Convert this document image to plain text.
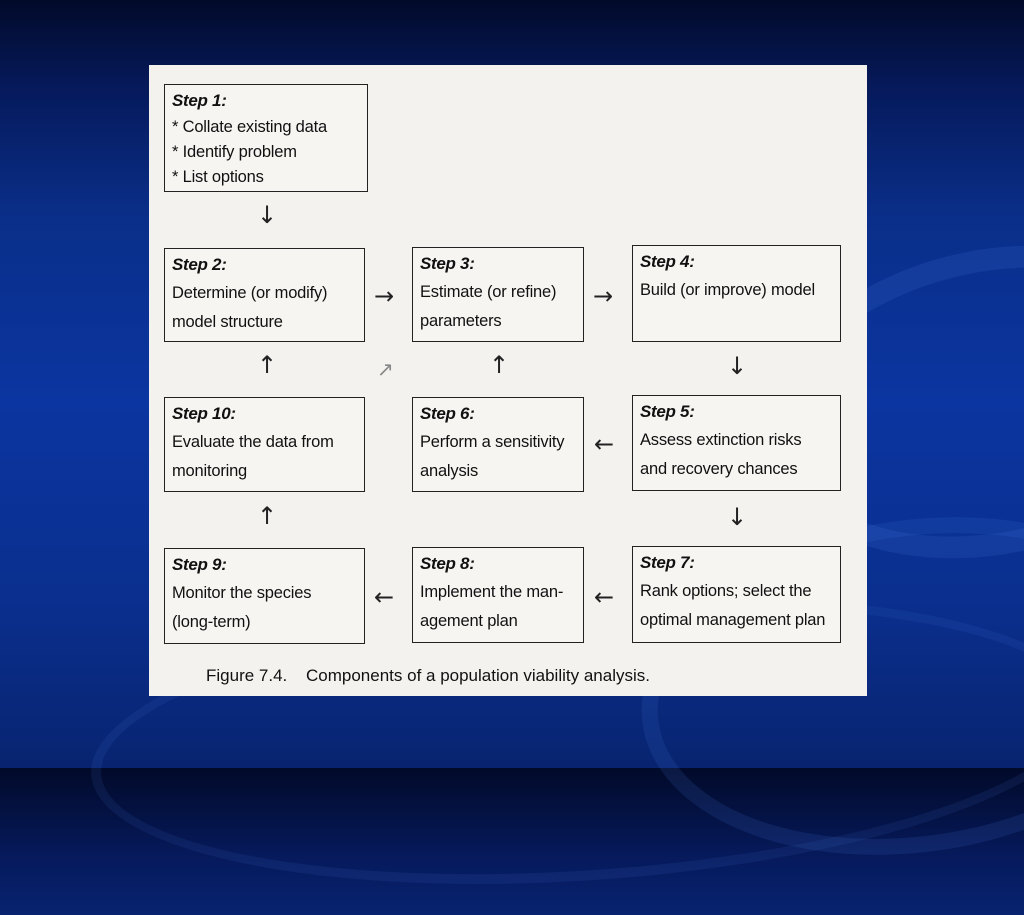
Step 1:
* Collate existing data
* Identify problem
* List options
Step 2:
Determine (or modify)
model structure
Step 3:
Estimate (or refine)
parameters
Step 4:
Build (or improve) model
Step 10:
Evaluate the data from
monitoring
Step 6:
Perform a sensitivity
analysis
Step 5:
Assess extinction risks
and recovery chances
Step 9:
Monitor the species
(long-term)
Step 8:
Implement the man-
agement plan
Step 7:
Rank options; select the
optimal management plan
↓
→	→
↓
↑	↗	↑
←
↓
↑
←	←
Figure 7.4. Components of a population viability analysis.
